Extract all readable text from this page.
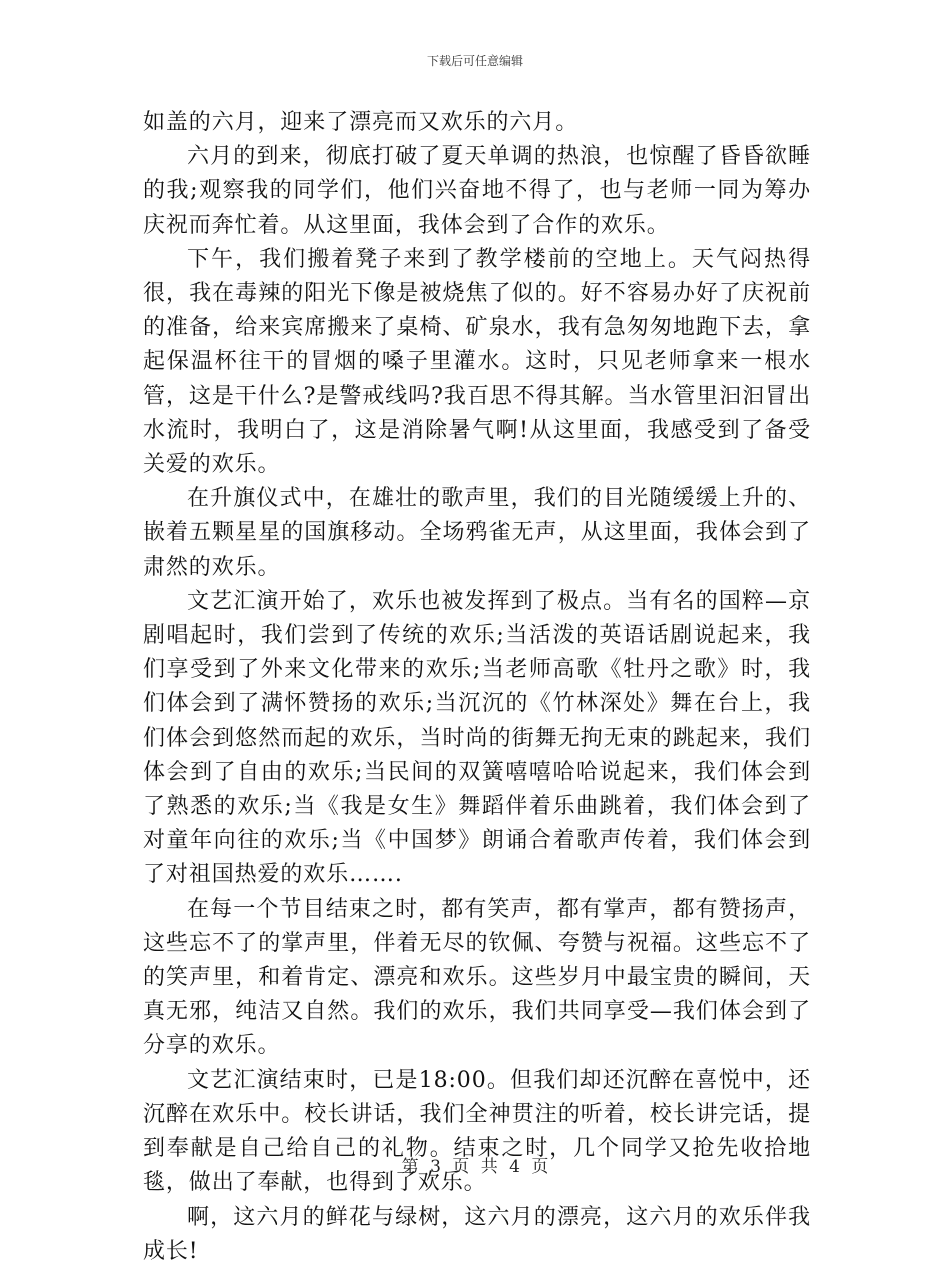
下载后可任意编辑

如盖的六月，迎来了漂亮而又欢乐的六月。

六月的到来，彻底打破了夏天单调的热浪，也惊醒了昏昏欲睡的我;观察我的同学们，他们兴奋地不得了，也与老师一同为筹办庆祝而奔忙着。从这里面，我体会到了合作的欢乐。

下午，我们搬着凳子来到了教学楼前的空地上。天气闷热得很，我在毒辣的阳光下像是被烧焦了似的。好不容易办好了庆祝前的准备，给来宾席搬来了桌椅、矿泉水，我有急匆匆地跑下去，拿起保温杯往干的冒烟的嗓子里灌水。这时，只见老师拿来一根水管，这是干什么?是警戒线吗?我百思不得其解。当水管里汩汩冒出水流时，我明白了，这是消除暑气啊!从这里面，我感受到了备受关爱的欢乐。

在升旗仪式中，在雄壮的歌声里，我们的目光随缓缓上升的、嵌着五颗星星的国旗移动。全场鸦雀无声，从这里面，我体会到了肃然的欢乐。

文艺汇演开始了，欢乐也被发挥到了极点。当有名的国粹—京剧唱起时，我们尝到了传统的欢乐;当活泼的英语话剧说起来，我们享受到了外来文化带来的欢乐;当老师高歌《牡丹之歌》时，我们体会到了满怀赞扬的欢乐;当沉沉的《竹林深处》舞在台上，我们体会到悠然而起的欢乐，当时尚的街舞无拘无束的跳起来，我们体会到了自由的欢乐;当民间的双簧嘻嘻哈哈说起来，我们体会到了熟悉的欢乐;当《我是女生》舞蹈伴着乐曲跳着，我们体会到了对童年向往的欢乐;当《中国梦》朗诵合着歌声传着，我们体会到了对祖国热爱的欢乐…….

在每一个节目结束之时，都有笑声，都有掌声，都有赞扬声，这些忘不了的掌声里，伴着无尽的钦佩、夸赞与祝福。这些忘不了的笑声里，和着肯定、漂亮和欢乐。这些岁月中最宝贵的瞬间，天真无邪，纯洁又自然。我们的欢乐，我们共同享受—我们体会到了分享的欢乐。

文艺汇演结束时，已是18:00。但我们却还沉醉在喜悦中，还沉醉在欢乐中。校长讲话，我们全神贯注的听着，校长讲完话，提到奉献是自己给自己的礼物。结束之时，几个同学又抢先收拾地毯，做出了奉献，也得到了欢乐。

啊，这六月的鲜花与绿树，这六月的漂亮，这六月的欢乐伴我成长!

第 3 页 共 4 页
